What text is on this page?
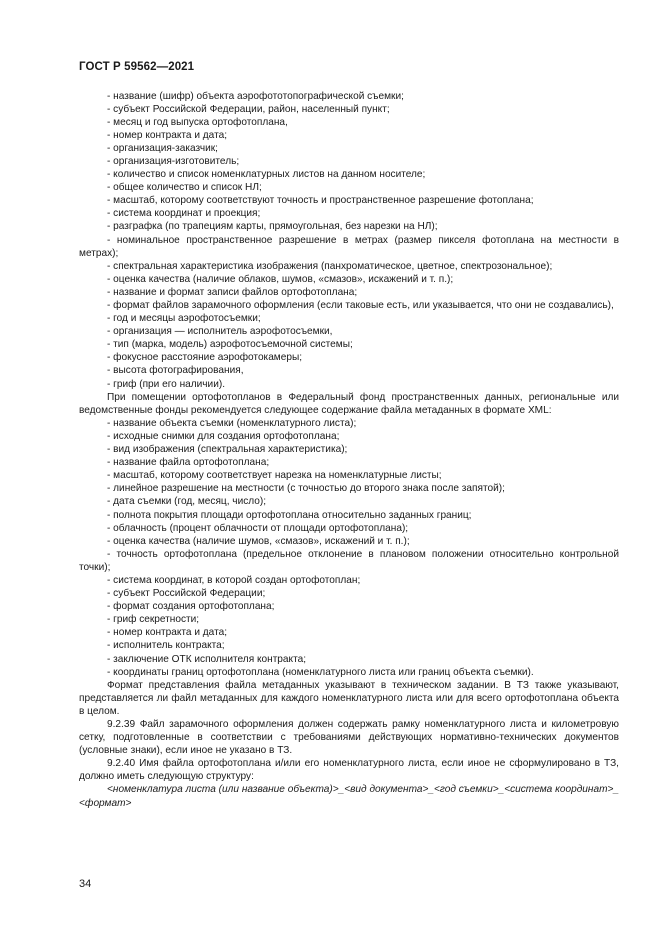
ГОСТ Р 59562—2021

- название (шифр) объекта аэрофототопографической съемки;

- субъект Российской Федерации, район, населенный пункт;

- месяц и год выпуска ортофотоплана,

- номер контракта и дата;

- организация-заказчик;

- организация-изготовитель;

- количество и список номенклатурных листов на данном носителе;

- общее количество и список НЛ;

- масштаб, которому соответствуют точность и пространственное разрешение фотоплана;

- система координат и проекция;

- разграфка (по трапециям карты, прямоугольная, без нарезки на НЛ);

- номинальное пространственное разрешение в метрах (размер пикселя фотоплана на местности в метрах);

- спектральная характеристика изображения (панхроматическое, цветное, спектрозональное);

- оценка качества (наличие облаков, шумов, «смазов», искажений и т. п.);

- название и формат записи файлов ортофотоплана;

- формат файлов зарамочного оформления (если таковые есть, или указывается, что они не создавались),

- год и месяцы аэрофотосъемки;

- организация — исполнитель аэрофотосъемки,

- тип (марка, модель) аэрофотосъемочной системы;

- фокусное расстояние аэрофотокамеры;

- высота фотографирования,

- гриф (при его наличии).

При помещении ортофотопланов в Федеральный фонд пространственных данных, региональные или ведомственные фонды рекомендуется следующее содержание файла метаданных в формате XML:

- название объекта съемки (номенклатурного листа);

- исходные снимки для создания ортофотоплана;

- вид изображения (спектральная характеристика);

- название файла ортофотоплана;

- масштаб, которому соответствует нарезка на номенклатурные листы;

- линейное разрешение на местности (с точностью до второго знака после запятой);

- дата съемки (год, месяц, число);

- полнота покрытия площади ортофотоплана относительно заданных границ;

- облачность (процент облачности от площади ортофотоплана);

- оценка качества (наличие шумов, «смазов», искажений и т. п.);

- точность ортофотоплана (предельное отклонение в плановом положении относительно контрольной точки);

- система координат, в которой создан ортофотоплан;

- субъект Российской Федерации;

- формат создания ортофотоплана;

- гриф секретности;

- номер контракта и дата;

- исполнитель контракта;

- заключение ОТК исполнителя контракта;

- координаты границ ортофотоплана (номенклатурного листа или границ объекта съемки).

Формат представления файла метаданных указывают в техническом задании. В ТЗ также указывают, представляется ли файл метаданных для каждого номенклатурного листа или для всего ортофотоплана объекта в целом.

9.2.39 Файл зарамочного оформления должен содержать рамку номенклатурного листа и километровую сетку, подготовленные в соответствии с требованиями действующих нормативно-технических документов (условные знаки), если иное не указано в ТЗ.

9.2.40 Имя файла ортофотоплана и/или его номенклатурного листа, если иное не сформулировано в ТЗ, должно иметь следующую структуру:

<номенклатура листа (или название объекта)>_<вид документа>_<год съемки>_<система координат>_ <формат>

34
